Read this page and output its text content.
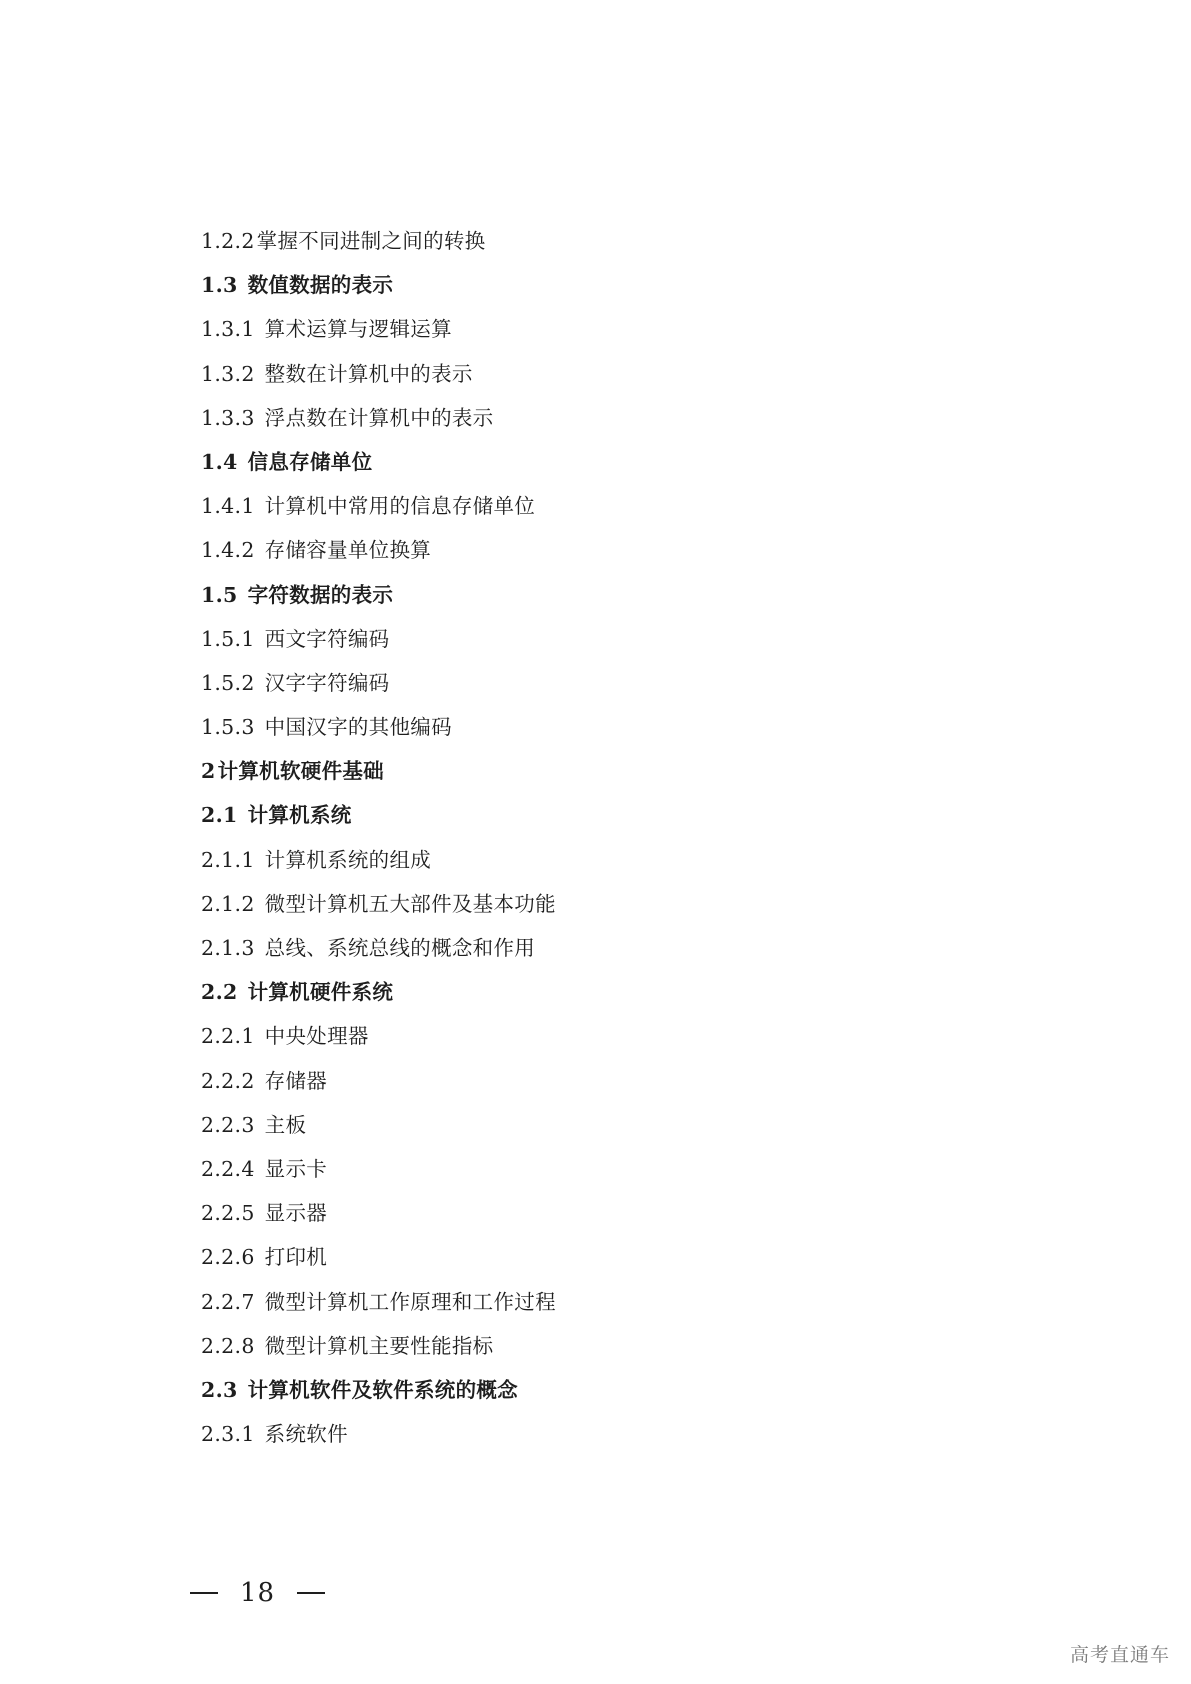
1.2.2掌握不同进制之间的转换
1.3 数值数据的表示
1.3.1 算术运算与逻辑运算
1.3.2 整数在计算机中的表示
1.3.3 浮点数在计算机中的表示
1.4 信息存储单位
1.4.1 计算机中常用的信息存储单位
1.4.2 存储容量单位换算
1.5 字符数据的表示
1.5.1 西文字符编码
1.5.2 汉字字符编码
1.5.3 中国汉字的其他编码
2计算机软硬件基础
2.1 计算机系统
2.1.1 计算机系统的组成
2.1.2 微型计算机五大部件及基本功能
2.1.3 总线、系统总线的概念和作用
2.2 计算机硬件系统
2.2.1 中央处理器
2.2.2 存储器
2.2.3 主板
2.2.4 显示卡
2.2.5 显示器
2.2.6 打印机
2.2.7 微型计算机工作原理和工作过程
2.2.8 微型计算机主要性能指标
2.3 计算机软件及软件系统的概念
2.3.1 系统软件
18
高考直通车
